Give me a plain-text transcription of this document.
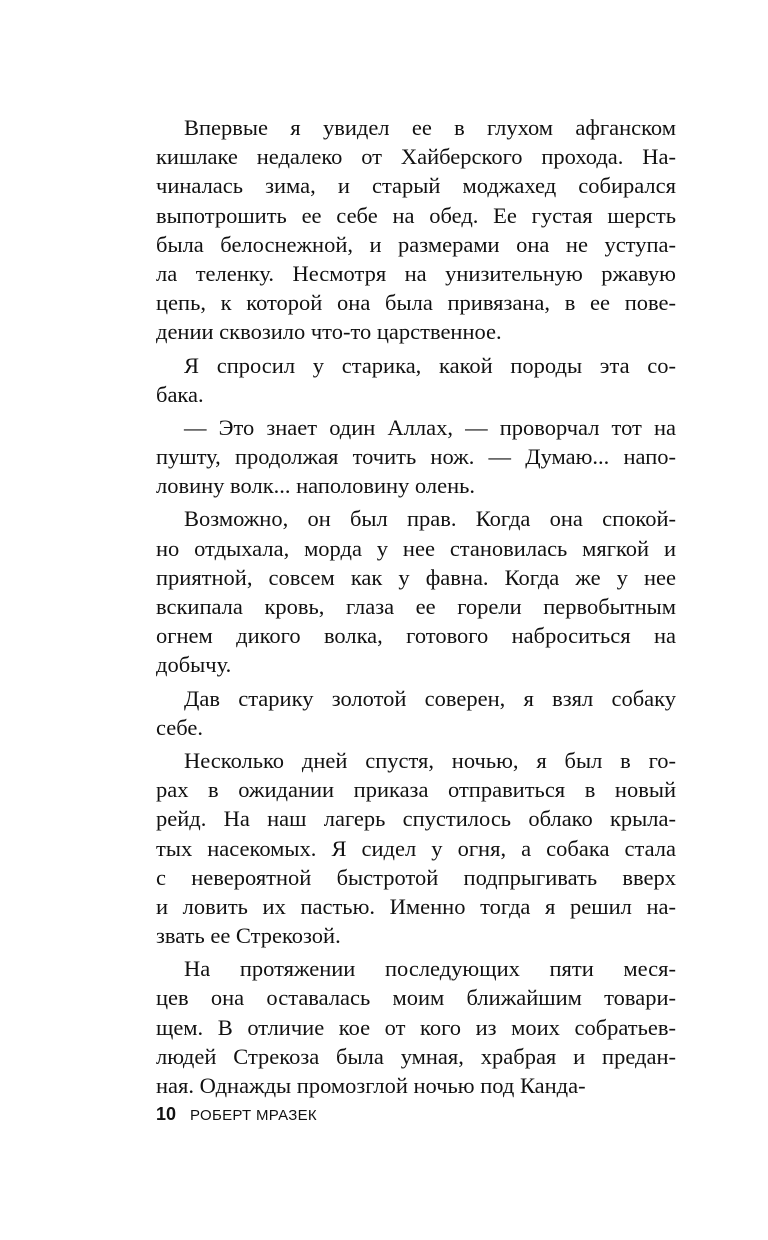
Впервые я увидел ее в глухом афганском
кишлаке недалеко от Хайберского прохода. На-
чиналась зима, и старый моджахед собирался
выпотрошить ее себе на обед. Ее густая шерсть
была белоснежной, и размерами она не уступа-
ла теленку. Несмотря на унизительную ржавую
цепь, к которой она была привязана, в ее пове-
дении сквозило что-то царственное.
Я спросил у старика, какой породы эта со-
бака.
— Это знает один Аллах, — проворчал тот на
пушту, продолжая точить нож. — Думаю... напо-
ловину волк... наполовину олень.
Возможно, он был прав. Когда она спокой-
но отдыхала, морда у нее становилась мягкой и
приятной, совсем как у фавна. Когда же у нее
вскипала кровь, глаза ее горели первобытным
огнем дикого волка, готового наброситься на
добычу.
Дав старику золотой соверен, я взял собаку
себе.
Несколько дней спустя, ночью, я был в го-
рах в ожидании приказа отправиться в новый
рейд. На наш лагерь спустилось облако крыла-
тых насекомых. Я сидел у огня, а собака стала
с невероятной быстротой подпрыгивать вверх
и ловить их пастью. Именно тогда я решил на-
звать ее Стрекозой.
На протяжении последующих пяти меся-
цев она оставалась моим ближайшим товари-
щем. В отличие кое от кого из моих собратьев-
людей Стрекоза была умная, храбрая и предан-
ная. Однажды промозглой ночью под Канда-
10 РОБЕРТ МРАЗЕК
